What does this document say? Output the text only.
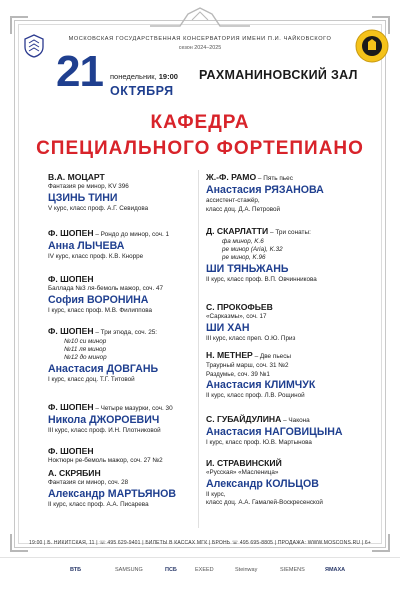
МОСКОВСКАЯ ГОСУДАРСТВЕННАЯ КОНСЕРВАТОРИЯ ИМЕНИ П.И. ЧАЙКОВСКОГО
сезон 2024–2025
21 понедельник, 19:00
ОКТЯБРЯ
РАХМАНИНОВСКИЙ ЗАЛ
КАФЕДРА
СПЕЦИАЛЬНОГО ФОРТЕПИАНО
В.А. МОЦАРТ
Фантазия ре минор, KV 396
ЦЗИНЬ ТИНИ
V курс, класс проф. А.Г. Севидова
Ф. ШОПЕН – Рондо до минор, соч. 1
Анна ЛЫЧЕВА
IV курс, класс проф. К.В. Кнорре
Ф. ШОПЕН
Баллада №3 ля-бемоль мажор, соч. 47
София ВОРОНИНА
I курс, класс проф. М.В. Филиппова
Ф. ШОПЕН – Три этюда, соч. 25:
№10 си минор
№11 ля минор
№12 до минор
Анастасия ДОВГАНЬ
I курс, класс доц. Т.Г. Титовой
Ф. ШОПЕН – Четыре мазурки, соч. 30
Никола ДЖОРОЕВИЧ
III курс, класс проф. И.Н. Плотниковой
Ф. ШОПЕН
Ноктюрн ре-бемоль мажор, соч. 27 №2
А. СКРЯБИН
Фантазия си минор, соч. 28
Александр МАРТЬЯНОВ
II курс, класс проф. А.А. Писарева
Ж.-Ф. РАМО – Пять пьес
Анастасия РЯЗАНОВА
ассистент-стажёр,
класс доц. Д.А. Петровой
Д. СКАРЛАТТИ – Три сонаты:
фа минор, K.6
ре минор (Aria), K.32
ре минор, K.96
ШИ ТЯНЬЖАНЬ
II курс, класс проф. В.П. Овчинникова
С. ПРОКОФЬЕВ
«Сарказмы», соч. 17
ШИ ХАН
III курс, класс преп. О.Ю. Приз
Н. МЕТНЕР – Две пьесы
Траурный марш, соч. 31 №2
Раздумье, соч. 39 №1
Анастасия КЛИМЧУК
II курс, класс проф. Л.В. Рощиной
С. ГУБАЙДУЛИНА – Чакона
Анастасия НАГОВИЦЫНА
I курс, класс проф. Ю.В. Мартынова
И. СТРАВИНСКИЙ
«Русская» «Масленица»
Александр КОЛЬЦОВ
II курс,
класс доц. А.А. Гамалей-Воскресенской
19:00 | Б. НИКИТСКАЯ, 11 | ☏ 495 629-9401 | БИЛЕТЫ В КАССАХ МГК | БРОНЬ ☏ 495 695-8805 | ПРОДАЖА: WWW.MOSCONS.RU | 6+
ВТБ	SAMSUNG	ПСБ	EXEED	Steinway	SIEMENS	ЯМАХА
